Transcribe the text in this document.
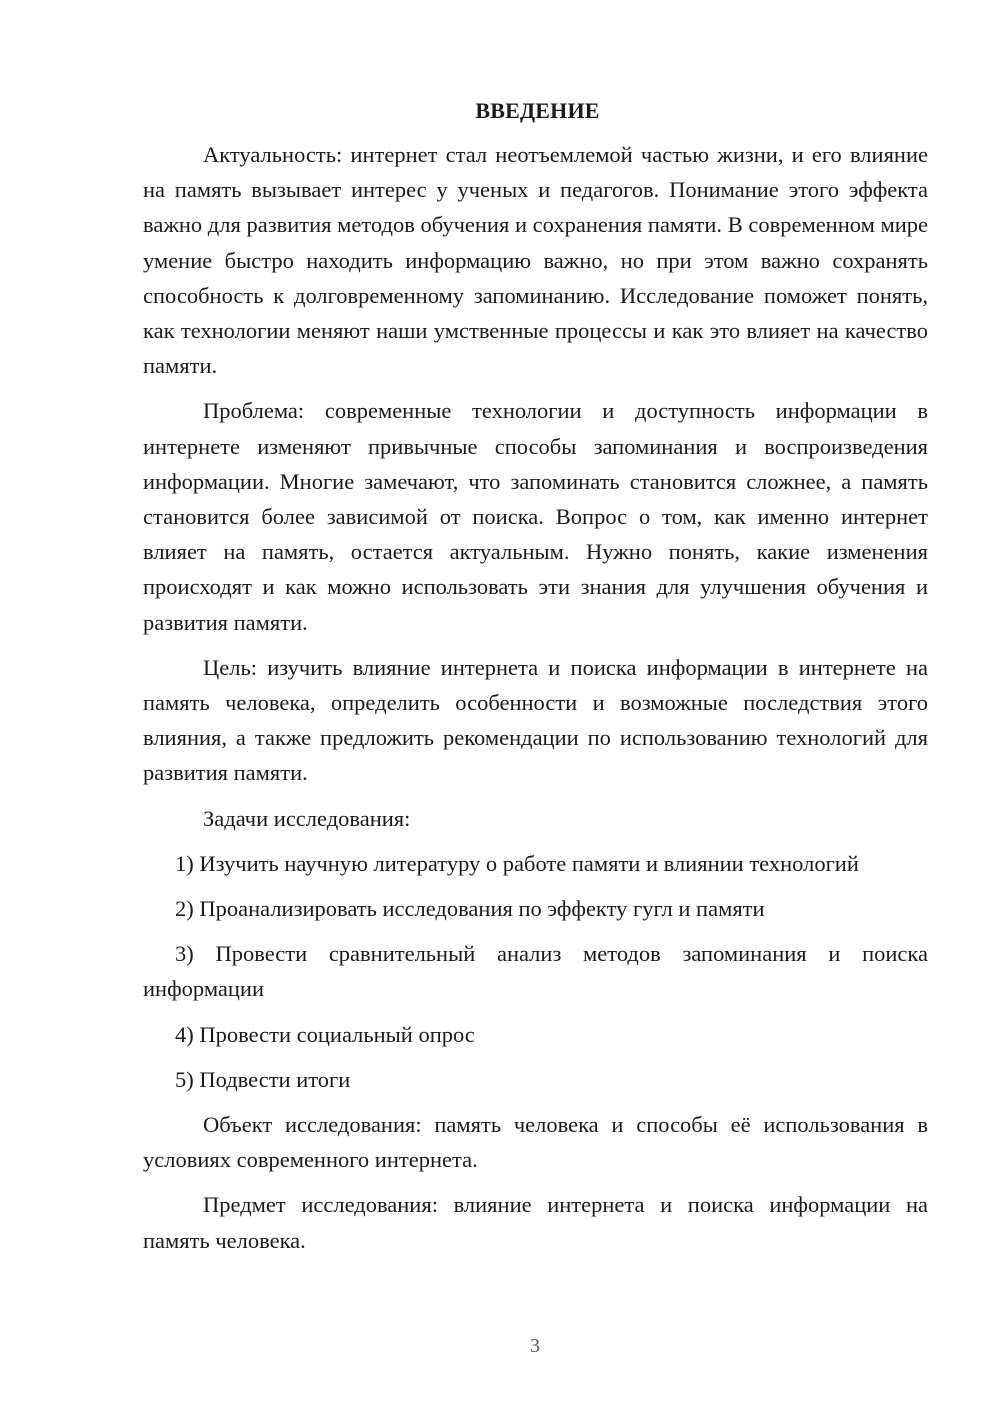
ВВЕДЕНИЕ

Актуальность: интернет стал неотъемлемой частью жизни, и его влияние на память вызывает интерес у ученых и педагогов. Понимание этого эффекта важно для развития методов обучения и сохранения памяти. В современном мире умение быстро находить информацию важно, но при этом важно сохранять способность к долговременному запоминанию. Исследование поможет понять, как технологии меняют наши умственные процессы и как это влияет на качество памяти.

Проблема: современные технологии и доступность информации в интернете изменяют привычные способы запоминания и воспроизведения информации. Многие замечают, что запоминать становится сложнее, а память становится более зависимой от поиска. Вопрос о том, как именно интернет влияет на память, остается актуальным. Нужно понять, какие изменения происходят и как можно использовать эти знания для улучшения обучения и развития памяти.

Цель: изучить влияние интернета и поиска информации в интернете на память человека, определить особенности и возможные последствия этого влияния, а также предложить рекомендации по использованию технологий для развития памяти.

Задачи исследования:

1) Изучить научную литературу о работе памяти и влиянии технологий

2) Проанализировать исследования по эффекту гугл и памяти

3) Провести сравнительный анализ методов запоминания и поиска информации

4) Провести социальный опрос

5) Подвести итоги

Объект исследования: память человека и способы её использования в условиях современного интернета.

Предмет исследования: влияние интернета и поиска информации на память человека.

3
